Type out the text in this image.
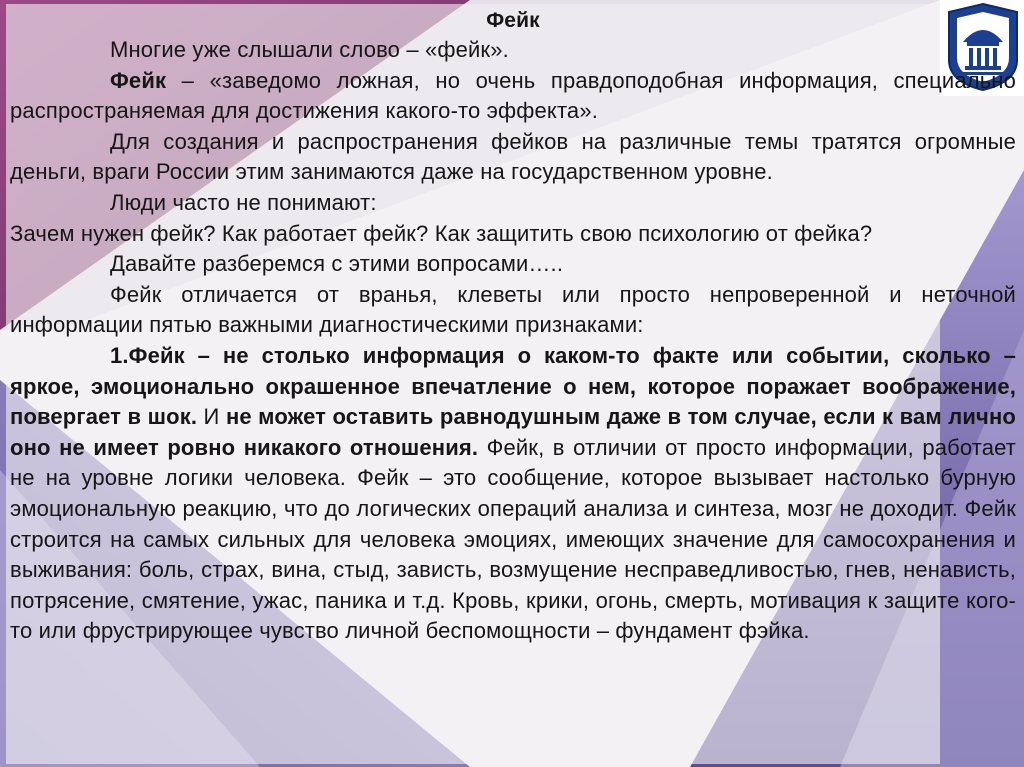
Фейк

Многие уже слышали слово – «фейк».

Фейк – «заведомо ложная, но очень правдоподобная информация, специально распространяемая для достижения какого-то эффекта».

Для создания и распространения фейков на различные темы тратятся огромные деньги, враги России этим занимаются даже на государственном уровне.

Люди часто не понимают:

Зачем нужен фейк? Как работает фейк? Как защитить свою психологию от фейка?

Давайте разберемся с этими вопросами…..

Фейк отличается от вранья, клеветы или просто непроверенной и неточной информации пятью важными диагностическими признаками:

1.Фейк – не столько информация о каком-то факте или событии, сколько – яркое, эмоционально окрашенное впечатление о нем, которое поражает воображение, повергает в шок. И не может оставить равнодушным даже в том случае, если к вам лично оно не имеет ровно никакого отношения. Фейк, в отличии от просто информации, работает не на уровне логики человека. Фейк – это сообщение, которое вызывает настолько бурную эмоциональную реакцию, что до логических операций анализа и синтеза, мозг не доходит. Фейк строится на самых сильных для человека эмоциях, имеющих значение для самосохранения и выживания: боль, страх, вина, стыд, зависть, возмущение несправедливостью, гнев, ненависть, потрясение, смятение, ужас, паника и т.д. Кровь, крики, огонь, смерть, мотивация к защите кого-то или фрустрирующее чувство личной беспомощности – фундамент фэйка.
